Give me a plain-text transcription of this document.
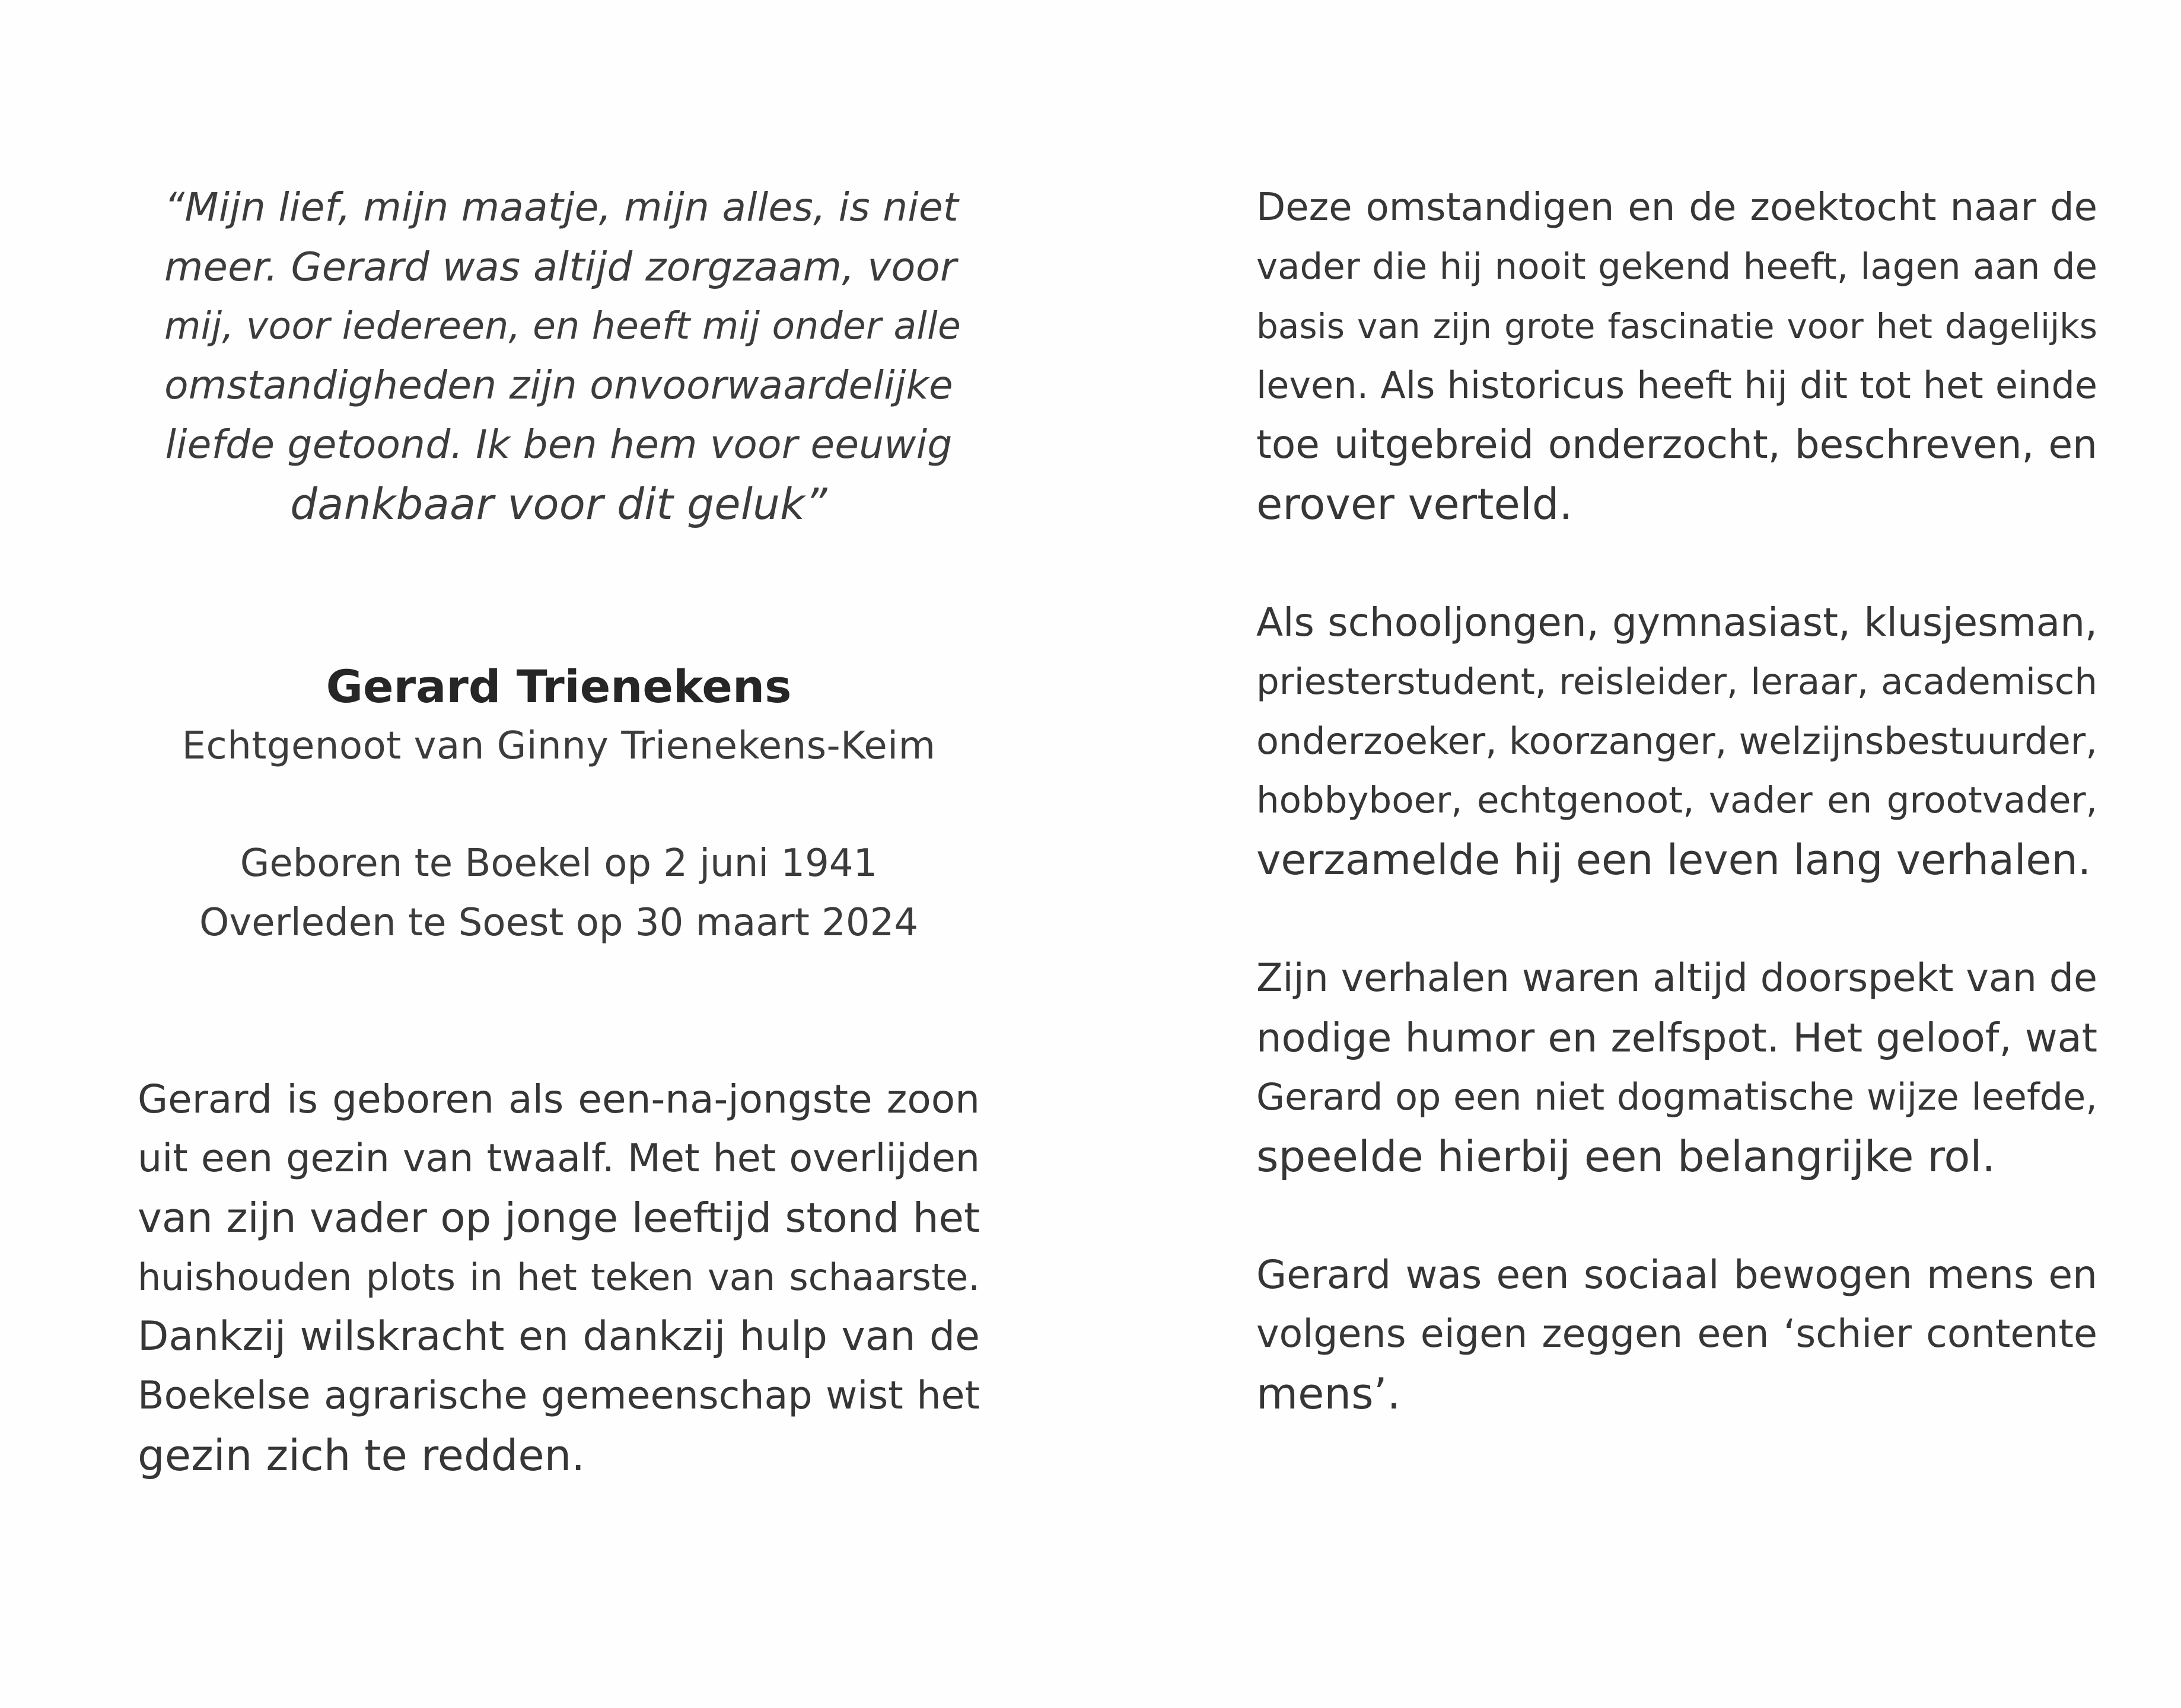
“Mijn lief, mijn maatje, mijn alles, is niet
meer. Gerard was altijd zorgzaam, voor
mij, voor iedereen, en heeft mij onder alle
omstandigheden zijn onvoorwaardelijke
liefde getoond. Ik ben hem voor eeuwig
dankbaar voor dit geluk”
Gerard Trienekens
Echtgenoot van Ginny Trienekens-Keim
Geboren te Boekel op 2 juni 1941
Overleden te Soest op 30 maart 2024
Gerard is geboren als een-na-jongste zoon
uit een gezin van twaalf. Met het overlijden
van zijn vader op jonge leeftijd stond het
huishouden plots in het teken van schaarste.
Dankzij wilskracht en dankzij hulp van de
Boekelse agrarische gemeenschap wist het
gezin zich te redden.
Deze omstandigen en de zoektocht naar de
vader die hij nooit gekend heeft, lagen aan de
basis van zijn grote fascinatie voor het dagelijks
leven. Als historicus heeft hij dit tot het einde
toe uitgebreid onderzocht, beschreven, en
erover verteld.
Als schooljongen, gymnasiast, klusjesman,
priesterstudent, reisleider, leraar, academisch
onderzoeker, koorzanger, welzijnsbestuurder,
hobbyboer, echtgenoot, vader en grootvader,
verzamelde hij een leven lang verhalen.
Zijn verhalen waren altijd doorspekt van de
nodige humor en zelfspot. Het geloof, wat
Gerard op een niet dogmatische wijze leefde,
speelde hierbij een belangrijke rol.
Gerard was een sociaal bewogen mens en
volgens eigen zeggen een ‘schier contente
mens’.
